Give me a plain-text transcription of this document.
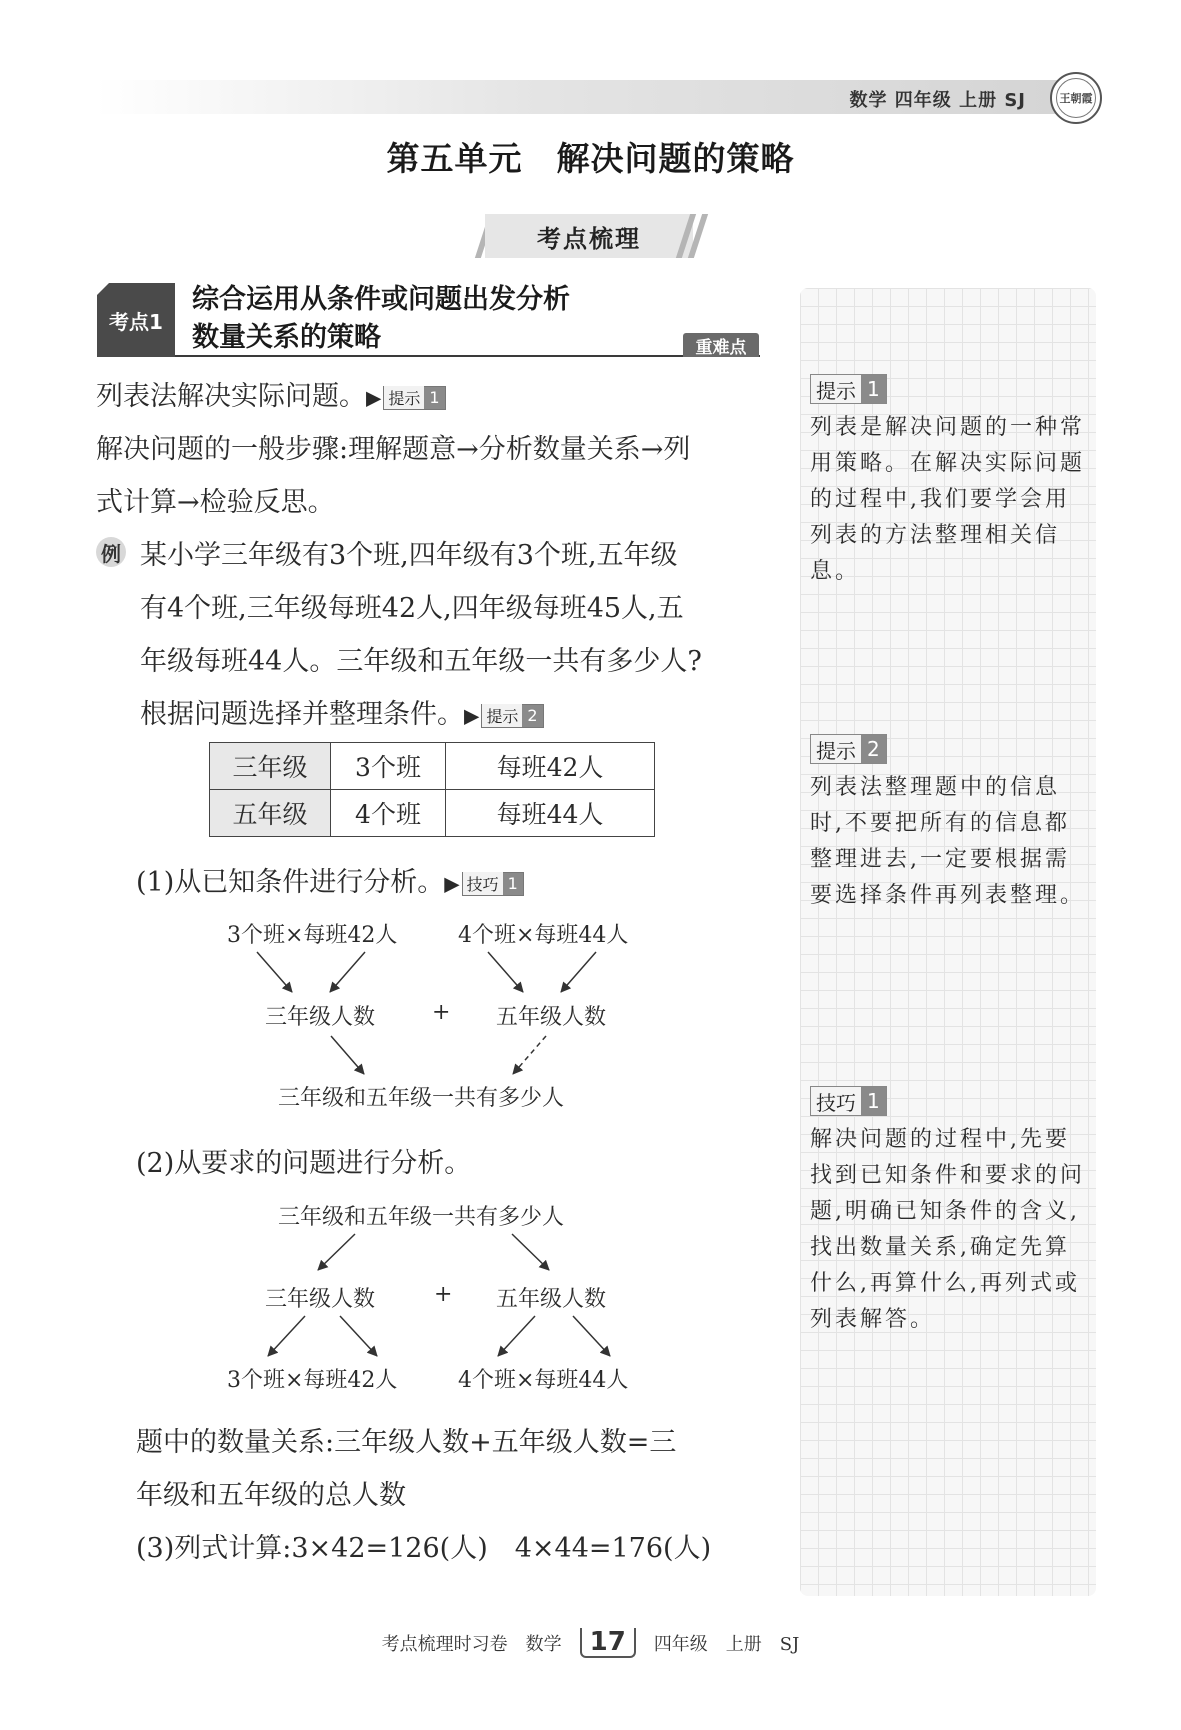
数学 四年级 上册 SJ	王朝霞
第五单元　解决问题的策略
考点梳理
考点1
综合运用从条件或问题出发分析
数量关系的策略	重难点
列表法解决实际问题。▶ 提示 1
解决问题的一般步骤:理解题意→分析数量关系→列
式计算→检验反思。
例 某小学三年级有3个班,四年级有3个班,五年级
有4个班,三年级每班42人,四年级每班45人,五
年级每班44人。三年级和五年级一共有多少人?
根据问题选择并整理条件。▶ 提示 2
三年级	3个班	每班42人
五年级	4个班	每班44人
(1)从已知条件进行分析。▶ 技巧 1
3个班×每班42人	4个班×每班44人
三年级人数	+ 五年级人数
三年级和五年级一共有多少人
(2)从要求的问题进行分析。
三年级和五年级一共有多少人
三年级人数	+ 五年级人数
3个班×每班42人	4个班×每班44人
题中的数量关系:三年级人数+五年级人数=三
年级和五年级的总人数
(3)列式计算:3×42=126(人)　4×44=176(人)
提示 1
列表是解决问题的一种常用策略。在解决实际问题的过程中,我们要学会用列表的方法整理相关信息。
提示 2
列表法整理题中的信息时,不要把所有的信息都整理进去,一定要根据需要选择条件再列表整理。
技巧 1
解决问题的过程中,先要找到已知条件和要求的问题,明确已知条件的含义,找出数量关系,确定先算什么,再算什么,再列式或列表解答。
考点梳理时习卷　数学 17 四年级　上册　SJ
